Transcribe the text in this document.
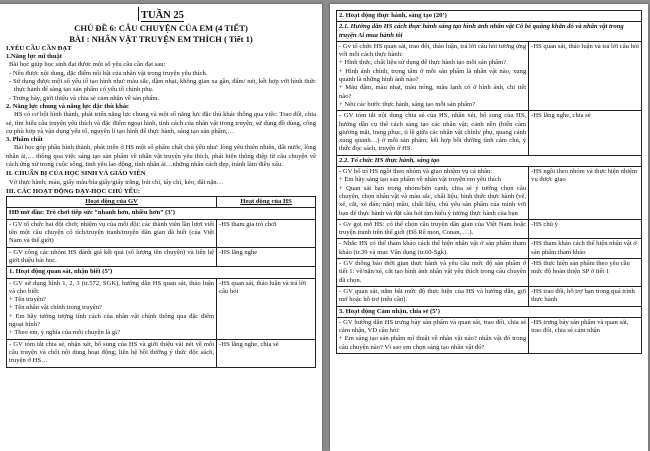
TUẦN 25
CHỦ ĐỀ 6: CÂU CHUYỆN CỦA EM (4 TIẾT)
BÀI : NHÂN VẬT TRUYỆN EM THÍCH ( Tiết 1)
I.YÊU CẦU CẦN ĐẠT
1.Năng lực mĩ thuật
Bài học giúp học sinh đạt được một số yêu cầu cần đạt sau:
- Nêu được nội dung, đặc điểm nổi bật của nhân vật trong truyện yêu thích.
- Sử dụng được một số yếu tố tạo hình như: màu sắc, đậm nhạt, không gian xa gần, đấm/ nét, kết hợp với hình thức thực hành để sáng tạo sản phẩm có yếu tố chính phụ.
- Trưng bày, giới thiệu và chia sẻ cảm nhận về sản phẩm.
2. Năng lực chung và năng lực đặc thù khác
HS có cơ hội hình thành, phát triển năng lực chung và một số năng lực đặc thù khác thông qua việc: Trao đổi, chia sẻ, tìm hiểu câu truyện yêu thích và đặc điểm ngoại hình, tính cách của nhân vật trong truyện, sử dụng đồ dùng, công cụ phù hợp và vận dụng yếu tố, nguyên lí tạo hình để thực hành, sáng tạo sản phẩm,…
3. Phẩm chất
Bài học góp phần hình thành, phát triển ở HS một số phẩm chất chủ yếu như: lòng yêu thiên nhiên, đất nước, lòng nhân ái,… thông qua việc sáng tạo sản phẩm về nhân vật truyện yêu thích, phát hiện thông điệp từ câu chuyện về cách ứng xử trong cuộc sống, tinh yêu lao động, tính nhân ái…những nhân cách đẹp, tránh làm điều xấu.
II. CHUẨN BỊ CỦA HỌC SINH VÀ GIÁO VIÊN
Vở thực hành; màu, giấy màu/bìa giấy/giấy trắng, bút chì, tẩy chì, kéo, đất nặn…
III. CÁC HOẠT ĐỘNG DẠY-HỌC CHỦ YẾU:
Hoạt động của GV	Hoạt động của HS
HĐ mở đầu: Trò chơi tiếp sức “nhanh hơn, nhiều hơn” (3’)	
- GV tổ chức hai đội chơi; nhiệm vụ của mỗi đội: các thành viên lần lượt viết tên một câu chuyện cổ tích/truyện tranh/truyện dân gian đã biết (của Việt Nam và thế giới)	-HS tham gia trò chơi
- GV công các nhóm HS đánh giá kết quả (số lượng tên chuyện) và liên hệ giới thiệu bài học.	-HS lắng nghe
1. Hoạt động quan sát, nhận biết (5’)	

- GV sử dụng hình 1, 2, 3 (tr.572, SGK), hướng dẫn HS quan sát, thảo luận và cho biết:
+ Tên truyện?
+ Tên nhân vật chính trong truyện?
+ Em hãy tưởng tượng tính cách của nhân vật chính thông qua đặc điểm ngoại hình?
+ Theo em, ý nghĩa của mỗi chuyện là gì?	-HS quan sát, thảo luận và trả lời câu hỏi
- GV tóm tắt chia sẻ, nhận xét, bổ sung của HS và giới thiệu vài nét về mỗi câu truyện và chốt nội dung hoạt động; liên hệ bồi dưỡng ý thức độc sách, truyện ở HS…	-HS lắng nghe, chia sẻ
2. Hoạt động thực hành, sáng tạo (20’)	
2.1. Hướng dẫn HS cách thực hành sáng tạo hình ảnh nhân vật Cô bé quàng khăn đỏ và nhân vật trong truyện Ai mua hành tôi	

- Gv tổ chức HS quan sát, trao đổi, thảo luận, trả lời câu hỏi tương ứng với mỗi cách thực hành:
+ Hình thức, chất liệu sử dụng để thực hành tạo mỗi sản phẩm?
+ Hình ảnh chính, trọng tâm ở mỗi sản phẩm là nhân vật nào, xung quanh là những hình ảnh nào?
+ Màu đậm, màu nhạt, màu nóng, màu lạnh có ở hình ảnh, chi tiết nào?
+ Nêu các bước thực hành, sáng tạo mỗi sản phẩm?	-HS quan sát, thảo luận và trả lời câu hỏi
- GV tóm tắt nội dung chia sẻ của HS, nhận xét, bổ sung của HS, hướng dẫn cụ thể cách sáng tạo các nhân vật; cảnh nền (biến cảm giương mặt, trang phục, tỉ lệ giữa các nhân vật chính/ phụ, quang cảnh xung quanh…) ở mỗi sản phẩm; kết hợp bồi dưỡng tình cảm chú, ý thức đọc sách, truyện ở HS.	-HS lắng nghe, chia sẻ
2.2. Tổ chức HS thực hành, sáng tạo	

- GV bố trí HS ngồi theo nhóm và giao nhiệm vụ cá nhân:
+ Em hãy sáng tạo sản phẩm về nhân vật truyện em yêu thích
+ Quan sát bạn trong nhóm/bên cạnh, chia sẻ ý tưởng chọn câu chuyện, chọn nhân vật và màu sắc, chất liệu, hình thức thực hành (vẽ, xé, cắt, xé dán; nặn) mâu, chất liệu, chủ yếu sản phẩm của mình với bạn để thực hành và đặt câu hỏi tìm hiểu ý tưởng thực hành của bạn	-HS ngồi theo nhóm và thực hiện nhiệm vụ được giao
- Gv gọi mỗ HS: có thể chọn câu truyện dân gian của Việt Nam hoặc truyện tranh trên thế giới (Đồ Rê mon, Conan, …).	-HS chú ý
- Nhắc HS có thể tham khảo cách thể hiện nhân vật ở sản phẩm tham khảo (tr.39 và mục Vận dụng (tr.60-Sgk).	-HS tham khảo cách thể hiện nhân vật ở sản phẩm tham khảo
- GV thông báo thời gian thực hành và yêu cầu mức độ sản phẩm ở tiết 1: vẽ/nặn/xé, cắt tạo hình ảnh nhân vật yêu thích trong câu chuyện đã chọn.	-HS thực hiện sản phẩm theo yêu cầu mức độ hoàn thiện SP ở tiết 1
- GV quan sát, nắm bắt mức độ thực hiện của HS và hướng dẫn, gợi mở hoặc hỗ trợ (nếu cần).	-HS trao đổi, hỗ trợ bạn trong quá trình thực hành
3. Hoạt động Cảm nhận, chia sẻ (5’)	

- GV hướng dẫn HS trưng bày sản phẩm và quan sát, trao đổi, chia sẻ cảm nhận, VD câu hỏi:
+ Em sáng tạo sản phẩm mĩ thuật về nhân vật nào? nhân vật đó trong câu chuyện nào? Vì sao em chọn sáng tạo nhân vật đó?	-HS trưng bày sản phẩm và quan sát, trao đổi, chia sẻ cảm nhận
